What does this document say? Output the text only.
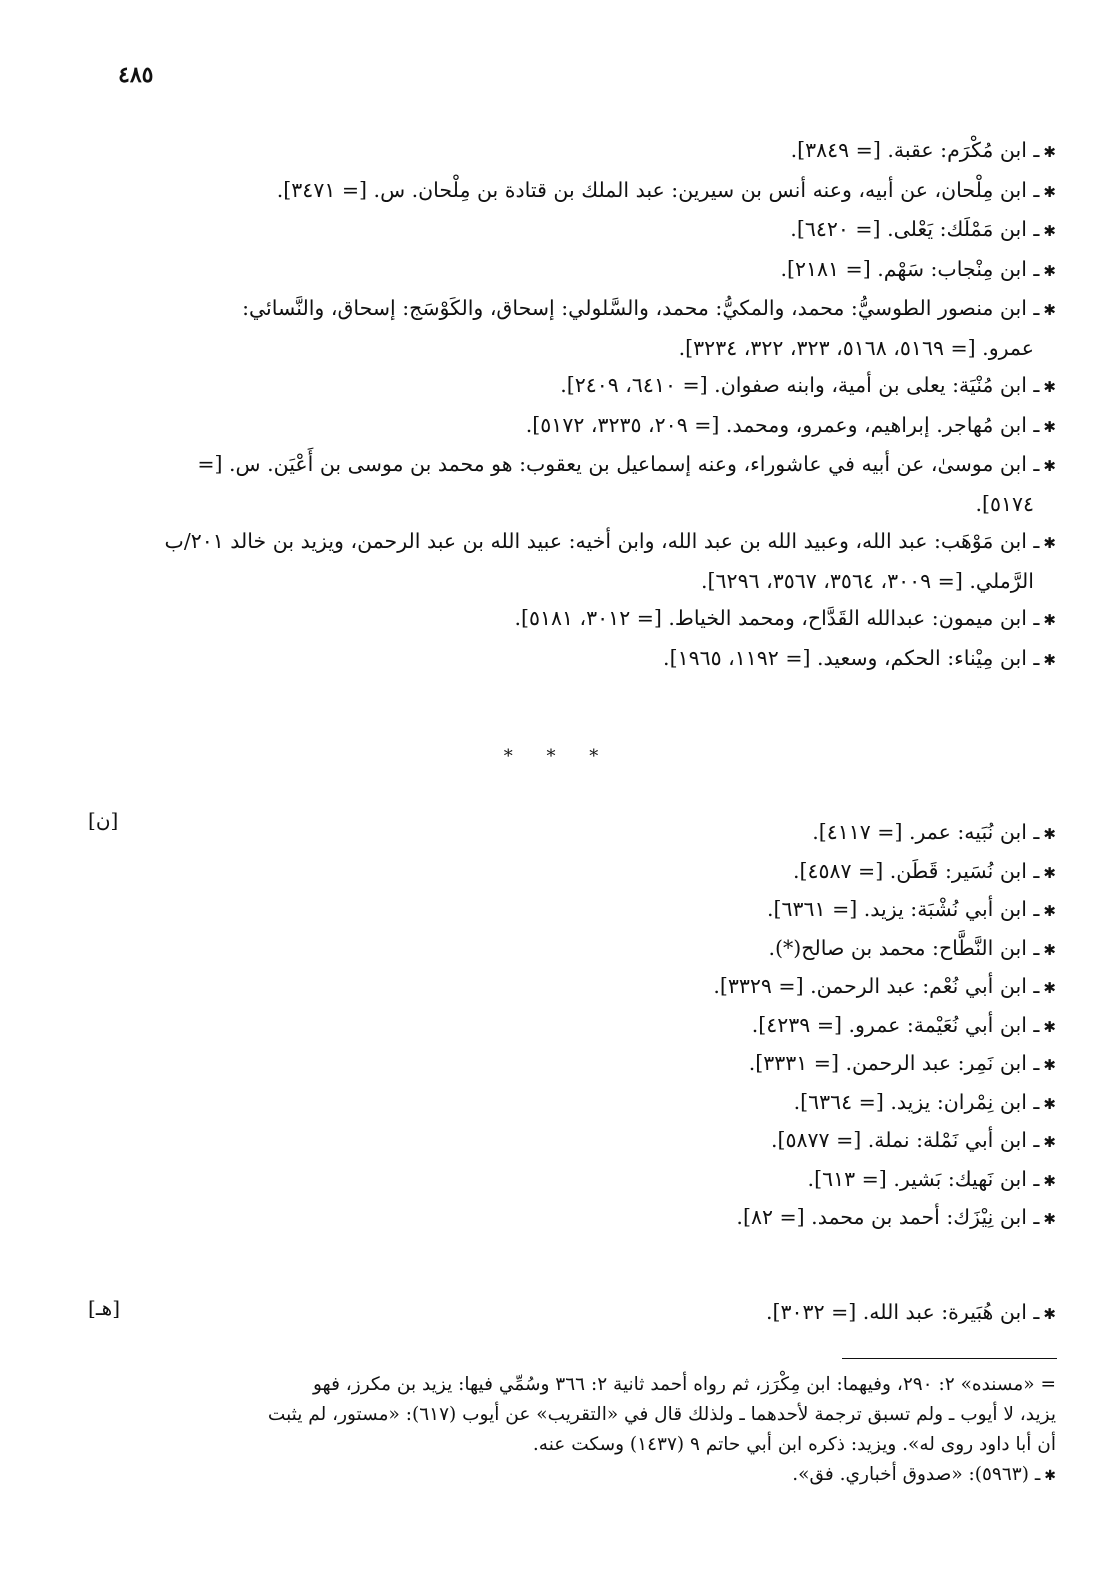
٤٨٥

✱ـ ابن مُكْرَم: عقبة. [= ٣٨٤٩].

✱ـ ابن مِلْحان، عن أبيه، وعنه أنس بن سيرين: عبد الملك بن قتادة بن مِلْحان. س. [= ٣٤٧١].

✱ـ ابن مَمْلَك: يَعْلى. [= ٦٤٢٠].

✱ـ ابن مِنْجاب: سَهْم. [= ٢١٨١].

✱ـ ابن منصور الطوسيُّ: محمد، والمكيُّ: محمد، والسَّلولي: إسحاق، والكَوْسَج: إسحاق، والنَّسائي:

عمرو. [= ٥١٦٩، ٥١٦٨، ٣٢٣، ٣٢٢، ٣٢٣٤].

✱ـ ابن مُنْيَة: يعلى بن أمية، وابنه صفوان. [= ٦٤١٠، ٢٤٠٩].

✱ـ ابن مُهاجر. إبراهيم، وعمرو، ومحمد. [= ٢٠٩، ٣٢٣٥، ٥١٧٢].

✱ـ ابن موسىٰ، عن أبيه في عاشوراء، وعنه إسماعيل بن يعقوب: هو محمد بن موسى بن أَعْيَن. س. [=

٥١٧٤].

✱ـ ابن مَوْهَب: عبد الله، وعبيد الله بن عبد الله، وابن أخيه: عبيد الله بن عبد الرحمن، ويزيد بن خالد ٢٠١/ب

الرَّملي. [= ٣٠٠٩، ٣٥٦٤، ٣٥٦٧، ٦٢٩٦].

✱ـ ابن ميمون: عبدالله القَدَّاح، ومحمد الخياط. [= ٣٠١٢، ٥١٨١].

✱ـ ابن مِيْناء: الحكم، وسعيد. [= ١١٩٢، ١٩٦٥].

* * *
[ن]

✱ـ ابن نُبَيه: عمر. [= ٤١١٧].

✱ـ ابن نُسَير: قَطَن. [= ٤٥٨٧].

✱ـ ابن أبي نُشْبَة: يزيد. [= ٦٣٦١].

✱ـ ابن النَّطَّاح: محمد بن صالح(*).

✱ـ ابن أبي نُعْم: عبد الرحمن. [= ٣٣٢٩].

✱ـ ابن أبي نُعَيْمة: عمرو. [= ٤٢٣٩].

✱ـ ابن نَمِر: عبد الرحمن. [= ٣٣٣١].

✱ـ ابن نِمْران: يزيد. [= ٦٣٦٤].

✱ـ ابن أبي نَمْلة: نملة. [= ٥٨٧٧].

✱ـ ابن نَهيك: بَشير. [= ٦١٣].

✱ـ ابن نِيْزَك: أحمد بن محمد. [= ٨٢].

[هـ]	✱ـ ابن هُبَيرة: عبد الله. [= ٣٠٣٢].

= «مسنده» ٢: ٢٩٠، وفيهما: ابن مِكْرَز، ثم رواه أحمد ثانية ٢: ٣٦٦ وسُمِّي فيها: يزيد بن مكرز، فهو

يزيد، لا أيوب ـ ولم تسبق ترجمة لأحدهما ـ ولذلك قال في «التقريب» عن أيوب (٦١٧): «مستور، لم يثبت

أن أبا داود روى له». ويزيد: ذكره ابن أبي حاتم ٩ (١٤٣٧) وسكت عنه.

✱ـ (٥٩٦٣): «صدوق أخباري. فق».
